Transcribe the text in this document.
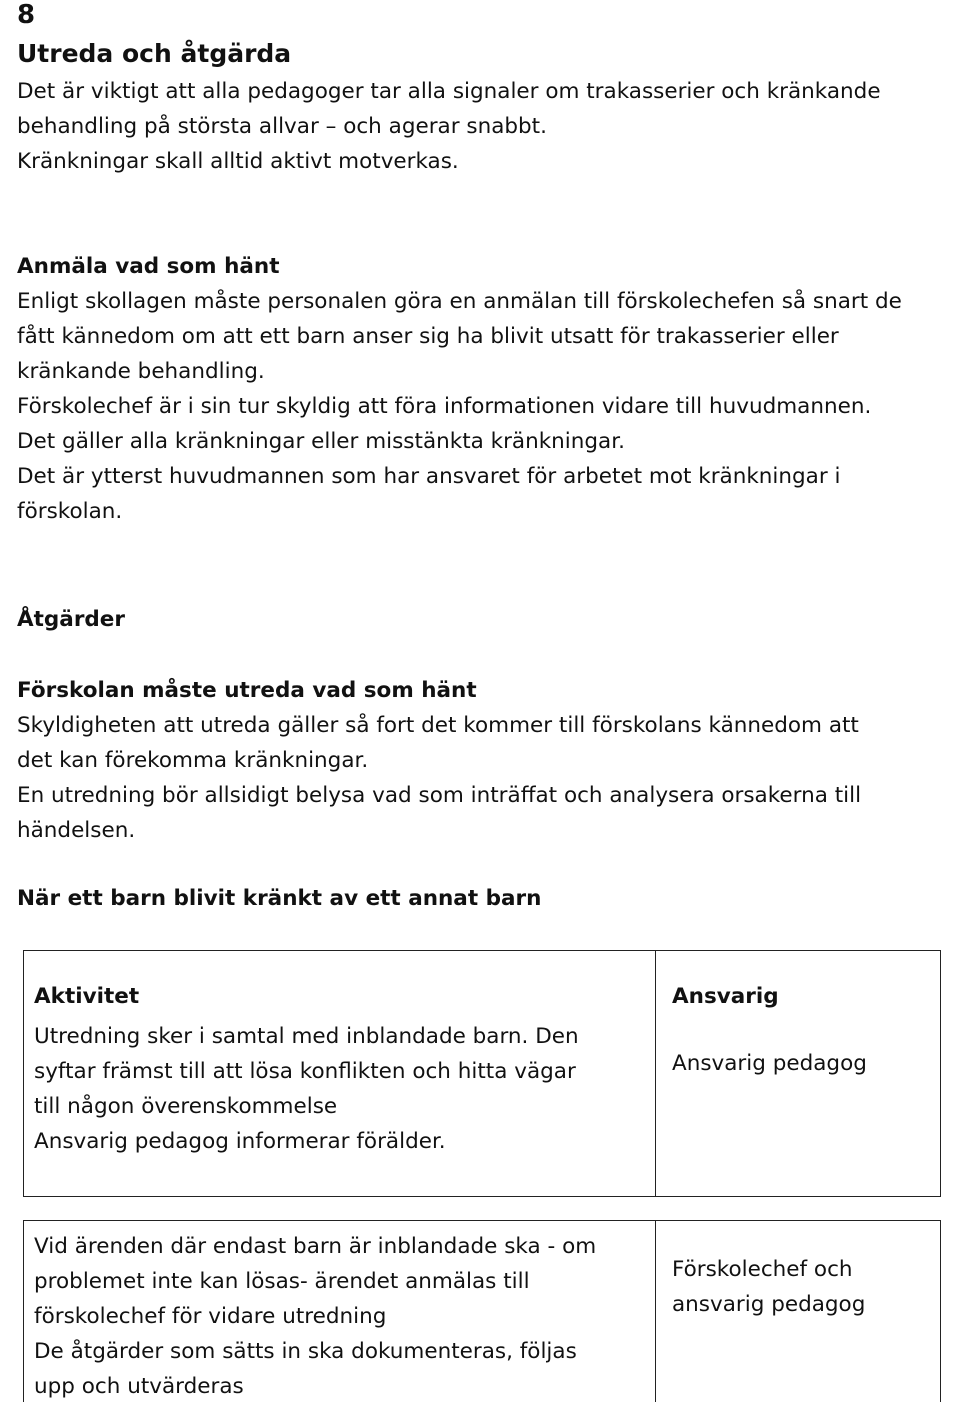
8
Utreda och åtgärda

Det är viktigt att alla pedagoger tar alla signaler om trakasserier och kränkande

behandling på största allvar – och agerar snabbt.

Kränkningar skall alltid aktivt motverkas.

Anmäla vad som hänt

Enligt skollagen måste personalen göra en anmälan till förskolechefen så snart de

fått kännedom om att ett barn anser sig ha blivit utsatt för trakasserier eller

kränkande behandling.

Förskolechef är i sin tur skyldig att föra informationen vidare till huvudmannen.

Det gäller alla kränkningar eller misstänkta kränkningar.

Det är ytterst huvudmannen som har ansvaret för arbetet mot kränkningar i

förskolan.

Åtgärder
Förskolan måste utreda vad som hänt

Skyldigheten att utreda gäller så fort det kommer till förskolans kännedom att

det kan förekomma kränkningar.

En utredning bör allsidigt belysa vad som inträffat och analysera orsakerna till

händelsen.

När ett barn blivit kränkt av ett annat barn
Aktivitet

Utredning sker i samtal med inblandade barn. Den

syftar främst till att lösa konflikten och hitta vägar

till någon överenskommelse

Ansvarig pedagog informerar förälder.

Ansvarig

Ansvarig pedagog

Vid ärenden där endast barn är inblandade ska - om

problemet inte kan lösas- ärendet anmälas till

förskolechef för vidare utredning

De åtgärder som sätts in ska dokumenteras, följas

upp och utvärderas

Förskolechef och

ansvarig pedagog
